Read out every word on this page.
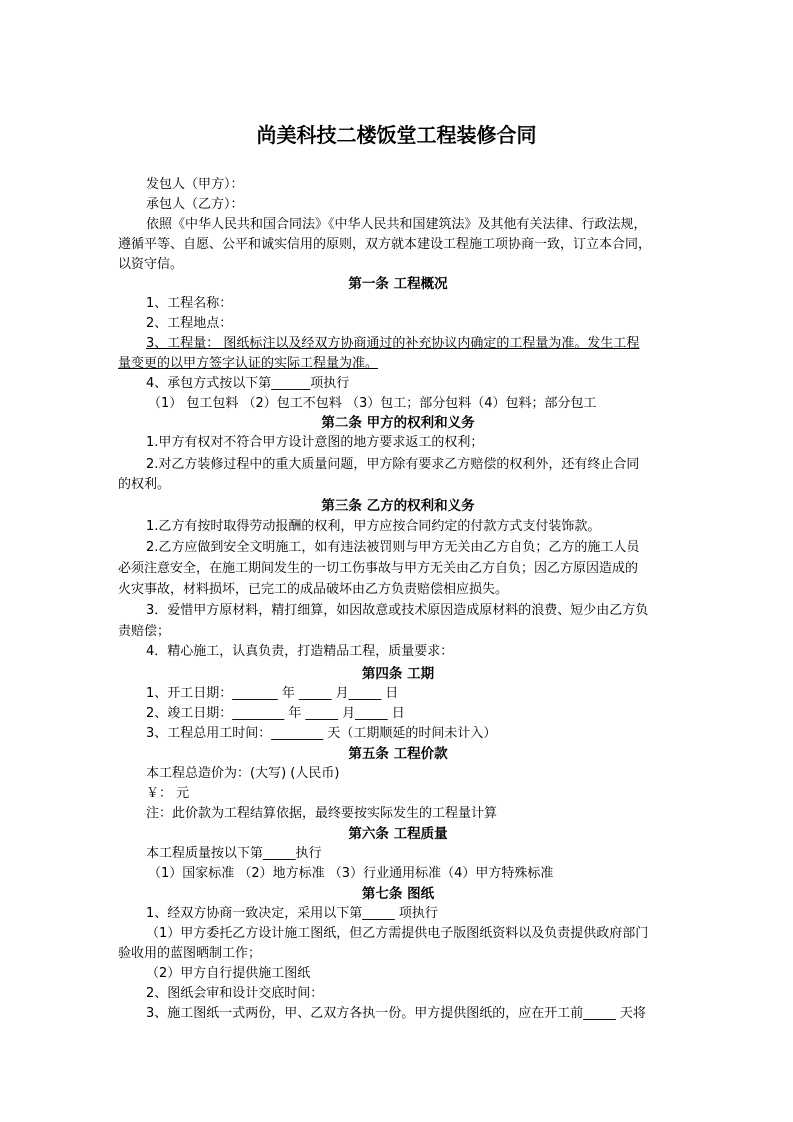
尚美科技二楼饭堂工程装修合同
发包人（甲方）：
承包人（乙方）：
依照《中华人民共和国合同法》《中华人民共和国建筑法》及其他有关法律、行政法规，
遵循平等、自愿、公平和诚实信用的原则，双方就本建设工程施工项协商一致，订立本合同，
以资守信。
第一条 工程概况
1、工程名称：
2、工程地点：
3、工程量： 图纸标注以及经双方协商通过的补充协议内确定的工程量为准。发生工程
量变更的以甲方签字认证的实际工程量为准。
4、承包方式按以下第______项执行
（1） 包工包料 （2）包工不包料 （3）包工；部分包料（4）包料；部分包工
第二条 甲方的权利和义务
1.甲方有权对不符合甲方设计意图的地方要求返工的权利；
2.对乙方装修过程中的重大质量问题，甲方除有要求乙方赔偿的权利外，还有终止合同
的权利。
第三条 乙方的权利和义务
1.乙方有按时取得劳动报酬的权利，甲方应按合同约定的付款方式支付装饰款。
2.乙方应做到安全文明施工，如有违法被罚则与甲方无关由乙方自负；乙方的施工人员
必须注意安全，在施工期间发生的一切工伤事故与甲方无关由乙方自负；因乙方原因造成的
火灾事故，材料损坏，已完工的成品破坏由乙方负责赔偿相应损失。
3．爱惜甲方原材料，精打细算，如因故意或技术原因造成原材料的浪费、短少由乙方负
责赔偿；
4．精心施工，认真负责，打造精品工程，质量要求：
第四条 工期
1、开工日期：_______ 年 _____ 月_____ 日
2、竣工日期：________ 年 _____ 月_____ 日
3、工程总用工时间：________ 天（工期顺延的时间未计入）
第五条 工程价款
本工程总造价为：(大写) (人民币)
￥： 元
注：此价款为工程结算依据，最终要按实际发生的工程量计算
第六条 工程质量
本工程质量按以下第_____执行
（1）国家标准 （2）地方标准 （3）行业通用标准（4）甲方特殊标准
第七条 图纸
1、经双方协商一致决定，采用以下第_____ 项执行
（1）甲方委托乙方设计施工图纸，但乙方需提供电子版图纸资料以及负责提供政府部门
验收用的蓝图晒制工作；
（2）甲方自行提供施工图纸
2、图纸会审和设计交底时间：
3、施工图纸一式两份，甲、乙双方各执一份。甲方提供图纸的，应在开工前_____ 天将
